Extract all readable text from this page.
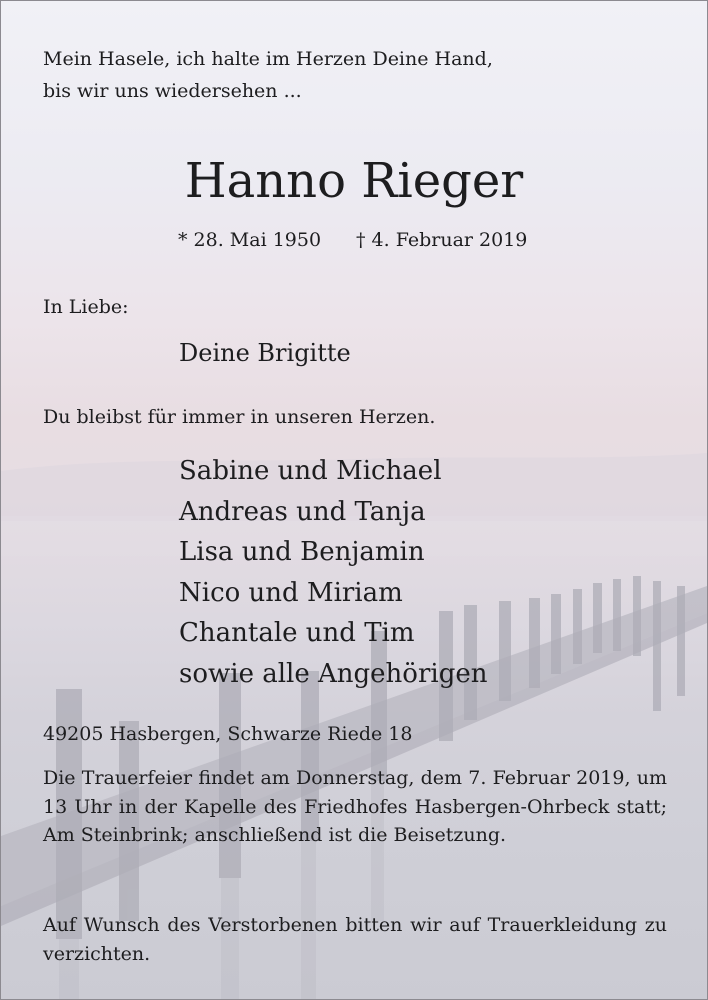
Mein Hasele, ich halte im Herzen Deine Hand,
bis wir uns wiedersehen ...
Hanno Rieger
* 28. Mai 1950 † 4. Februar 2019
In Liebe:
Deine Brigitte
Du bleibst für immer in unseren Herzen.
Sabine und Michael
Andreas und Tanja
Lisa und Benjamin
Nico und Miriam
Chantale und Tim
sowie alle Angehörigen
49205 Hasbergen, Schwarze Riede 18
Die Trauerfeier findet am Donnerstag, dem 7. Februar 2019, um 13 Uhr in der Kapelle des Friedhofes Hasbergen-Ohrbeck statt; Am Steinbrink; anschließend ist die Beisetzung.
Auf Wunsch des Verstorbenen bitten wir auf Trauerkleidung zu verzichten.
